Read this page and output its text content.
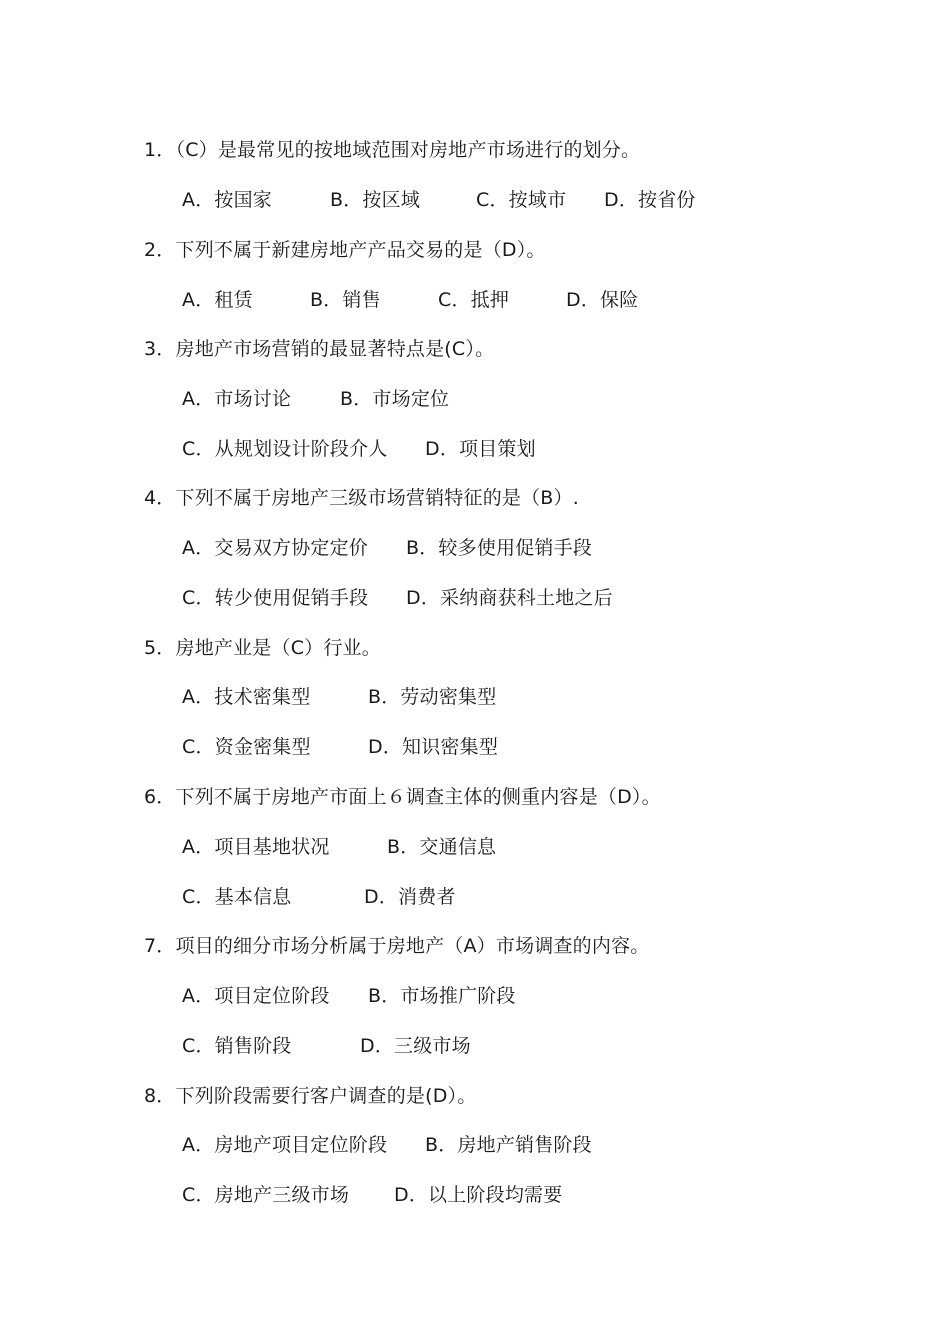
1．（C）是最常见的按地域范围对房地产市场进行的划分。
A．按国家	B．按区域	C．按域市 D．按省份
2．下列不属于新建房地产产品交易的是（D）。
A．租赁	B．销售	C．抵押	D．保险
3．房地产市场营销的最显著特点是(C）。
A．市场讨论	B．市场定位
C．从规划设计阶段介人 D．项目策划
4．下列不属于房地产三级市场营销特征的是（B）.
A．交易双方协定定价 B．较多使用促销手段
C．转少使用促销手段 D．采纳商获科土地之后
5．房地产业是（C）行业。
A．技术密集型	B．劳动密集型
C．资金密集型	D．知识密集型
6．下列不属于房地产市面上６调查主体的侧重内容是（D）。
A．项目基地状况	B．交通信息
C．基本信息	D．消费者
7．项目的细分市场分析属于房地产（A）市场调查的内容。
A．项目定位阶段 B．市场推广阶段
C．销售阶段	D．三级市场
8．下列阶段需要行客户调查的是(D）。
A．房地产项目定位阶段 B．房地产销售阶段
C．房地产三级市场 D．以上阶段均需要
